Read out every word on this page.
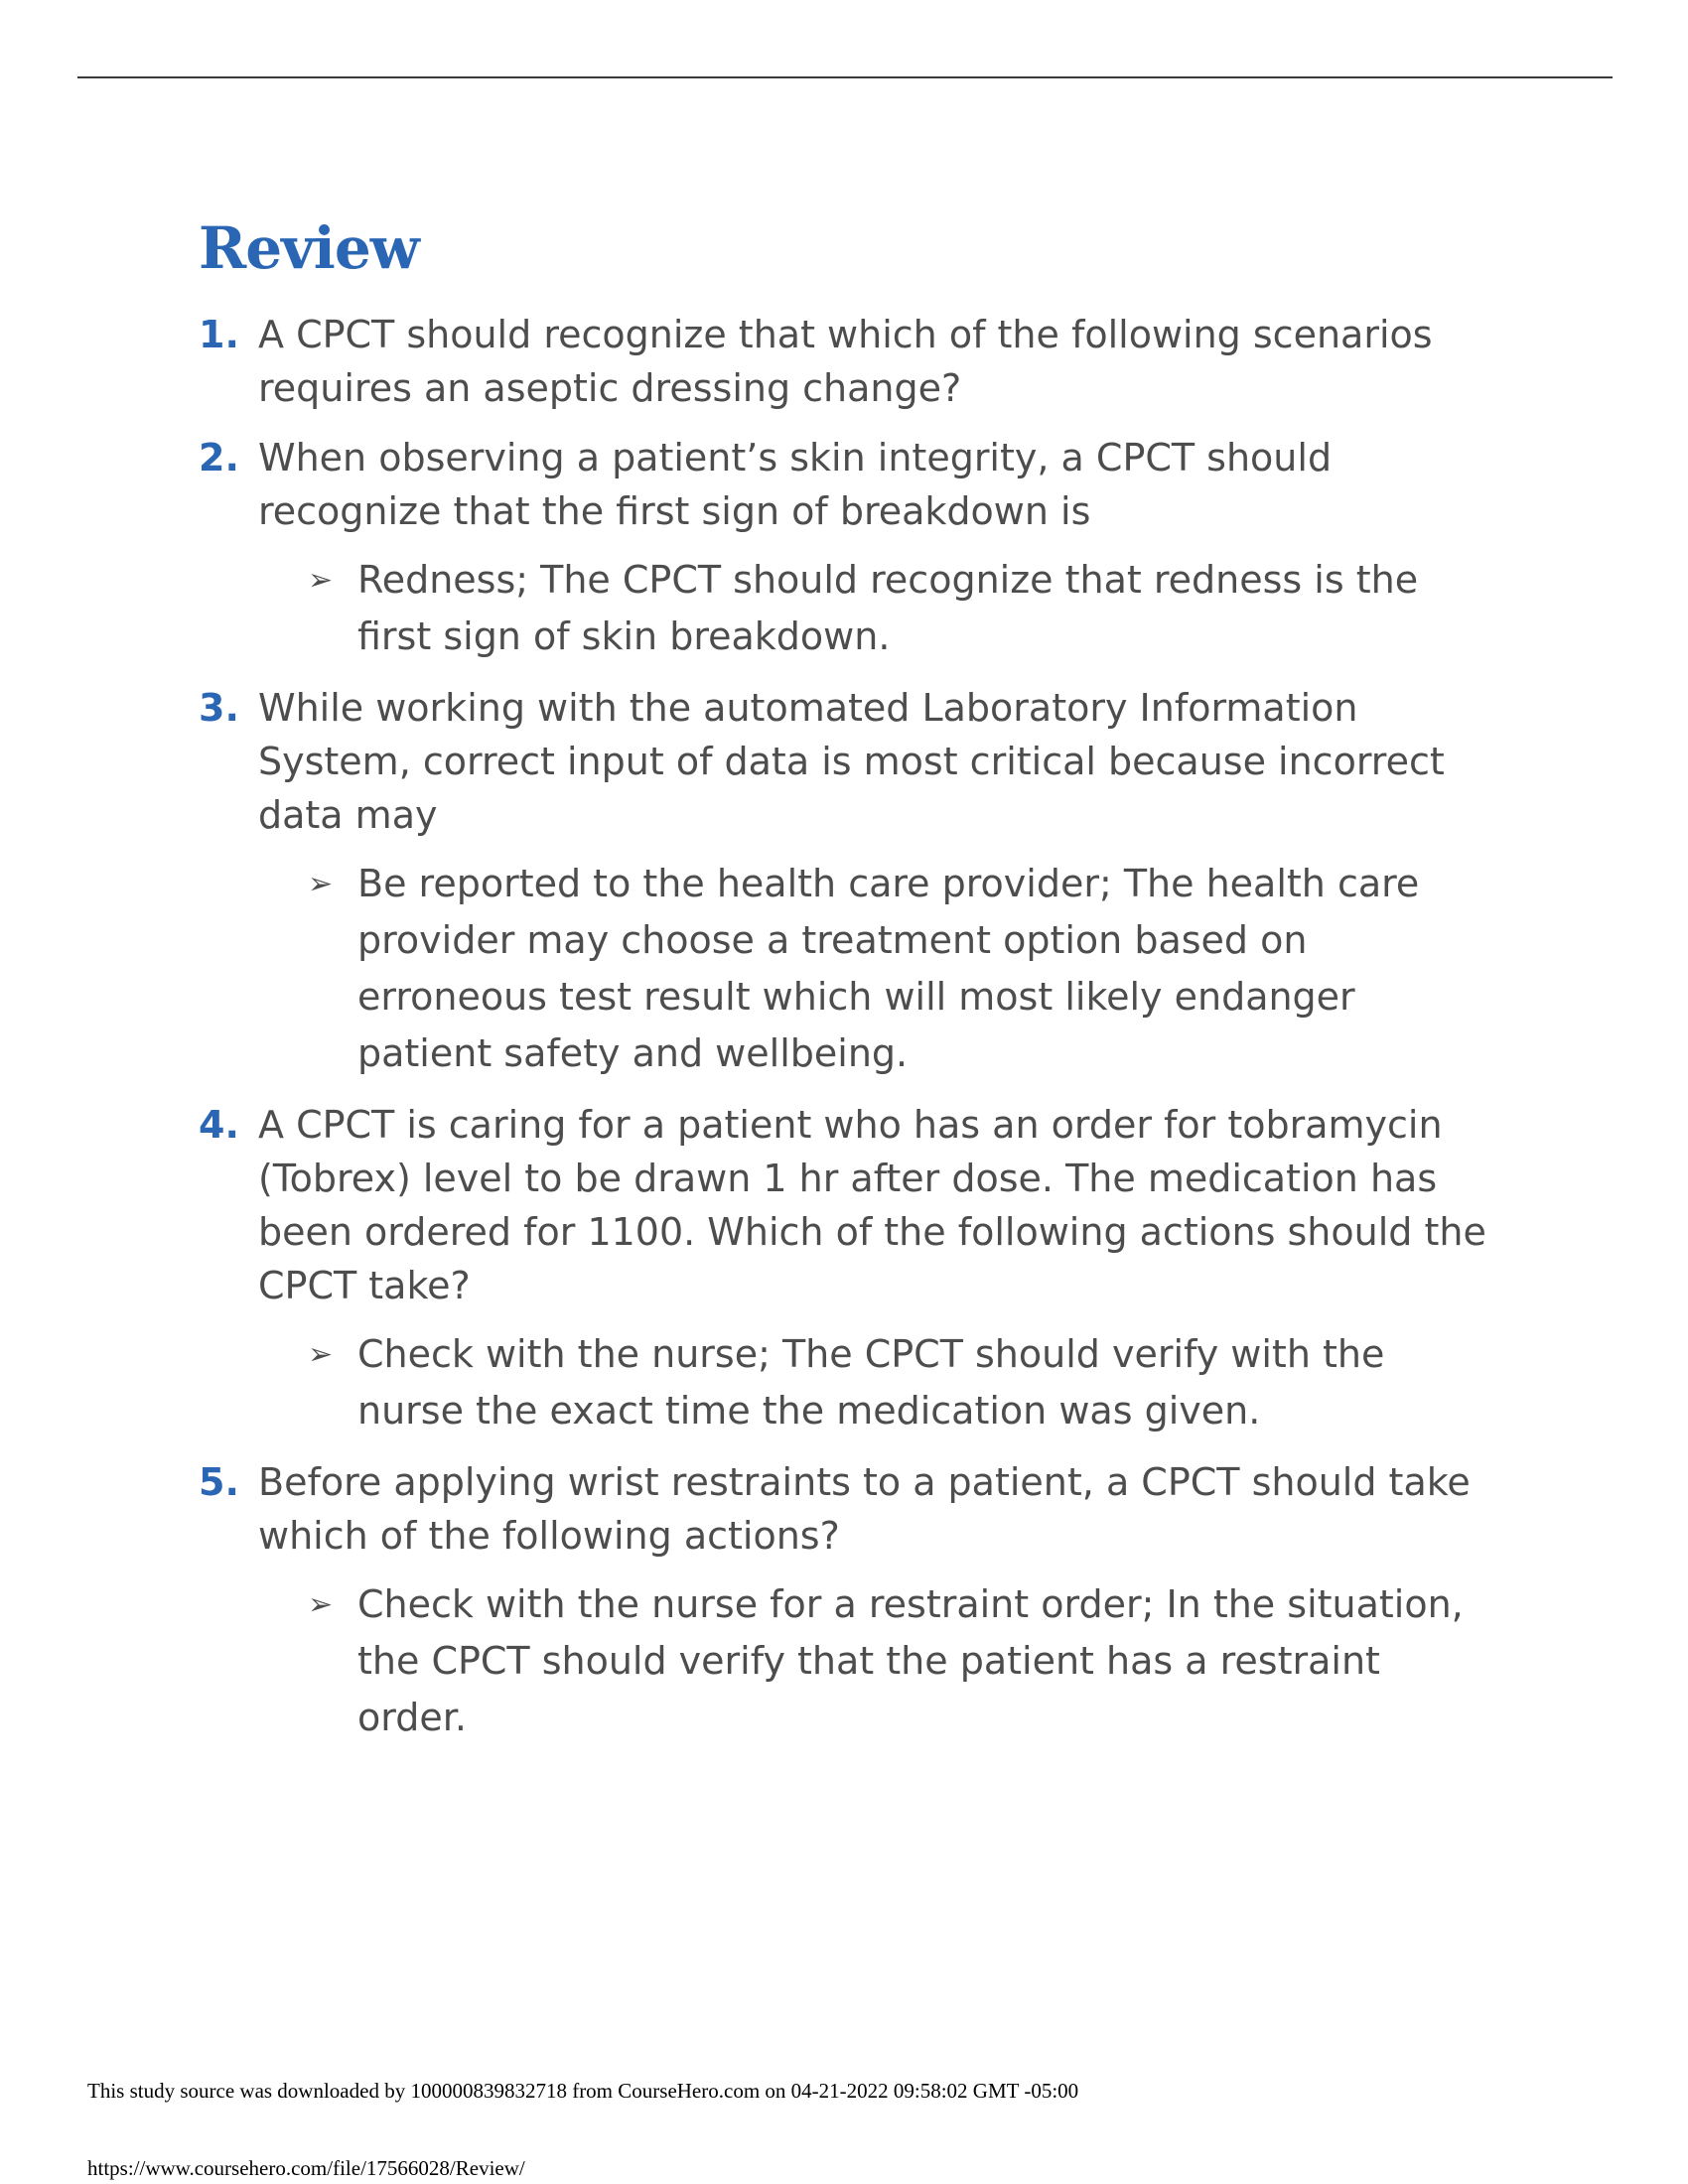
Review
1. A CPCT should recognize that which of the following scenarios requires an aseptic dressing change?
2. When observing a patient’s skin integrity, a CPCT should recognize that the first sign of breakdown is
➢ Redness; The CPCT should recognize that redness is the first sign of skin breakdown.
3. While working with the automated Laboratory Information System, correct input of data is most critical because incorrect data may
➢ Be reported to the health care provider; The health care provider may choose a treatment option based on erroneous test result which will most likely endanger patient safety and wellbeing.
4. A CPCT is caring for a patient who has an order for tobramycin (Tobrex) level to be drawn 1 hr after dose. The medication has been ordered for 1100. Which of the following actions should the CPCT take?
➢ Check with the nurse; The CPCT should verify with the nurse the exact time the medication was given.
5. Before applying wrist restraints to a patient, a CPCT should take which of the following actions?
➢ Check with the nurse for a restraint order; In the situation, the CPCT should verify that the patient has a restraint order.

This study source was downloaded by 100000839832718 from CourseHero.com on 04-21-2022 09:58:02 GMT -05:00

https://www.coursehero.com/file/17566028/Review/
